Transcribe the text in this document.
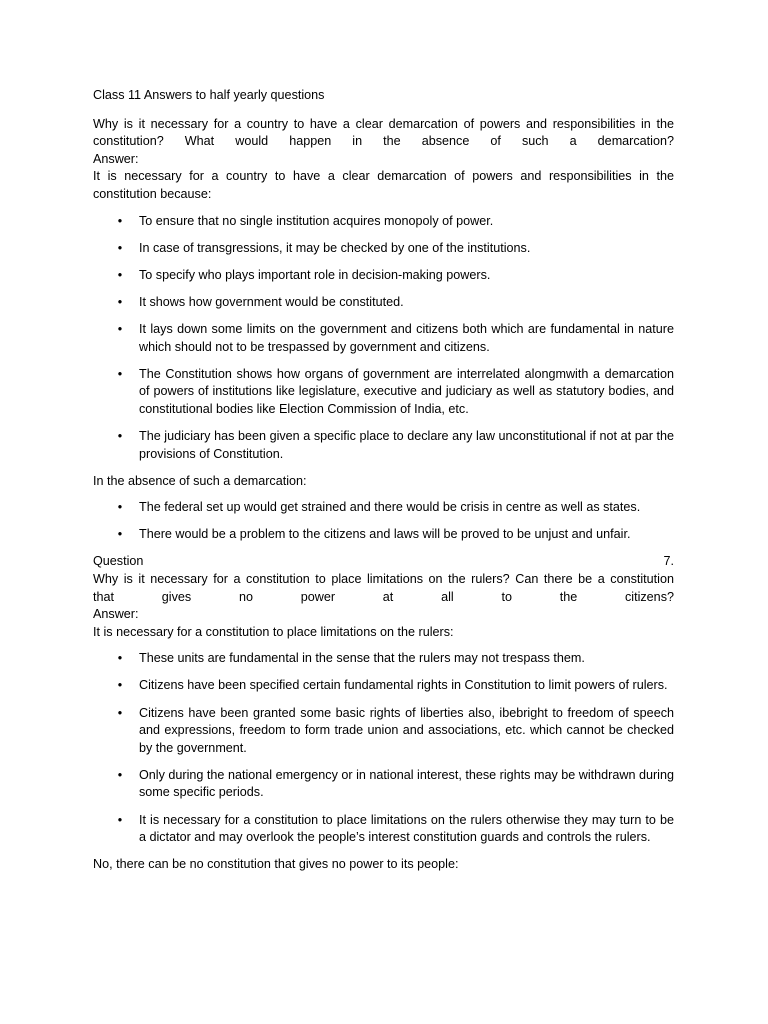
Class 11 Answers to half yearly questions

Why is it necessary for a country to have a clear demarcation of powers and responsibilities in the

constitution? What would happen in the absence of such a demarcation?

Answer:

It is necessary for a country to have a clear demarcation of powers and responsibilities in the constitution because:

• To ensure that no single institution acquires monopoly of power.
• In case of transgressions, it may be checked by one of the institutions.
• To specify who plays important role in decision-making powers.
• It shows how government would be constituted.
• It lays down some limits on the government and citizens both which are fundamental in nature which should not to be trespassed by government and citizens.
• The Constitution shows how organs of government are interrelated alongmwith a demarcation of powers of institutions like legislature, executive and judiciary as well as statutory bodies, and constitutional bodies like Election Commission of India, etc.
• The judiciary has been given a specific place to declare any law unconstitutional if not at par the provisions of Constitution.

In the absence of such a demarcation:

• The federal set up would get strained and there would be crisis in centre as well as states.
• There would be a problem to the citizens and laws will be proved to be unjust and unfair.
Question	7.

Why is it necessary for a constitution to place limitations on the rulers? Can there be a constitution

that gives no power at all to the citizens?

Answer:

It is necessary for a constitution to place limitations on the rulers:

• These units are fundamental in the sense that the rulers may not trespass them.
• Citizens have been specified certain fundamental rights in Constitution to limit powers of rulers.
• Citizens have been granted some basic rights of liberties also, ibebright to freedom of speech and expressions, freedom to form trade union and associations, etc. which cannot be checked by the government.
• Only during the national emergency or in national interest, these rights may be withdrawn during some specific periods.
• It is necessary for a constitution to place limitations on the rulers otherwise they may turn to be a dictator and may overlook the people’s interest constitution guards and controls the rulers.

No, there can be no constitution that gives no power to its people:
